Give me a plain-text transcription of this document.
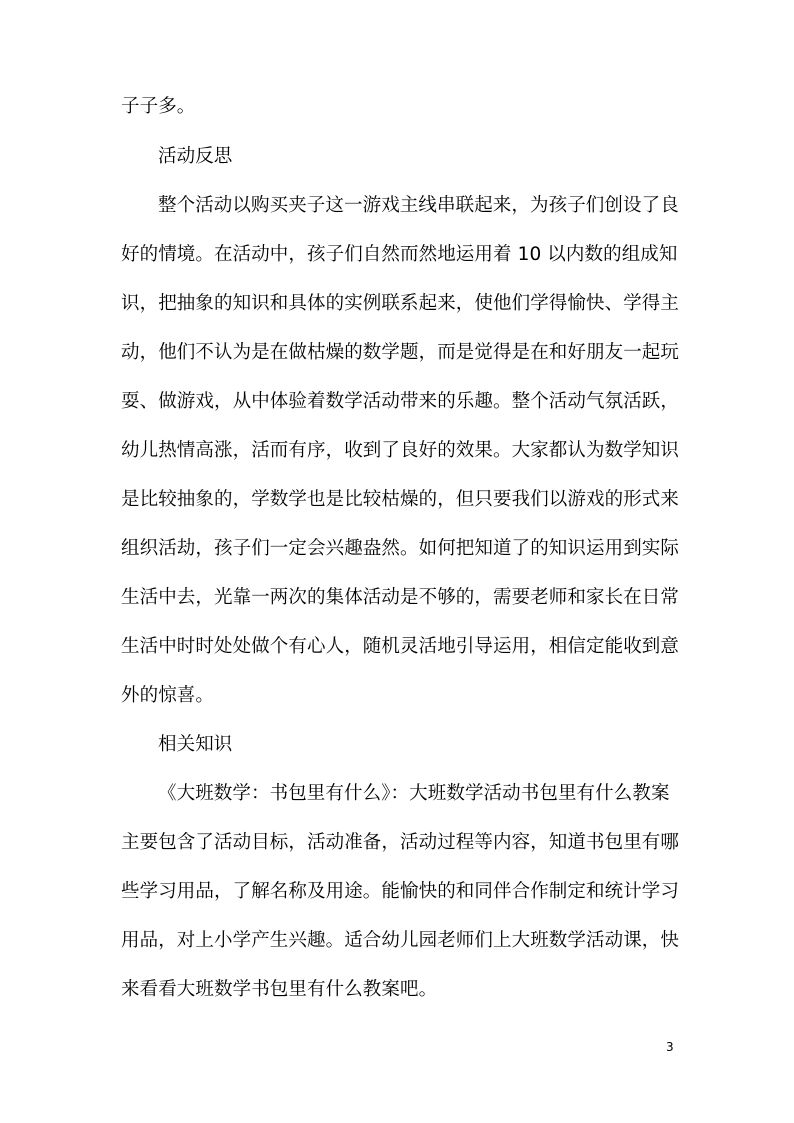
子子多。
活动反思
整个活动以购买夹子这一游戏主线串联起来，为孩子们创设了良
好的情境。在活动中，孩子们自然而然地运用着 10 以内数的组成知
识，把抽象的知识和具体的实例联系起来，使他们学得愉快、学得主
动，他们不认为是在做枯燥的数学题，而是觉得是在和好朋友一起玩
耍、做游戏，从中体验着数学活动带来的乐趣。整个活动气氛活跃，
幼儿热情高涨，活而有序，收到了良好的效果。大家都认为数学知识
是比较抽象的，学数学也是比较枯燥的，但只要我们以游戏的形式来
组织活劫，孩子们一定会兴趣盎然。如何把知道了的知识运用到实际
生活中去，光靠一两次的集体活动是不够的，需要老师和家长在日常
生活中时时处处做个有心人，随机灵活地引导运用，相信定能收到意
外的惊喜。
相关知识
《大班数学：书包里有什么》：大班数学活动书包里有什么教案
主要包含了活动目标，活动准备，活动过程等内容，知道书包里有哪
些学习用品，了解名称及用途。能愉快的和同伴合作制定和统计学习
用品，对上小学产生兴趣。适合幼儿园老师们上大班数学活动课，快
来看看大班数学书包里有什么教案吧。
3
